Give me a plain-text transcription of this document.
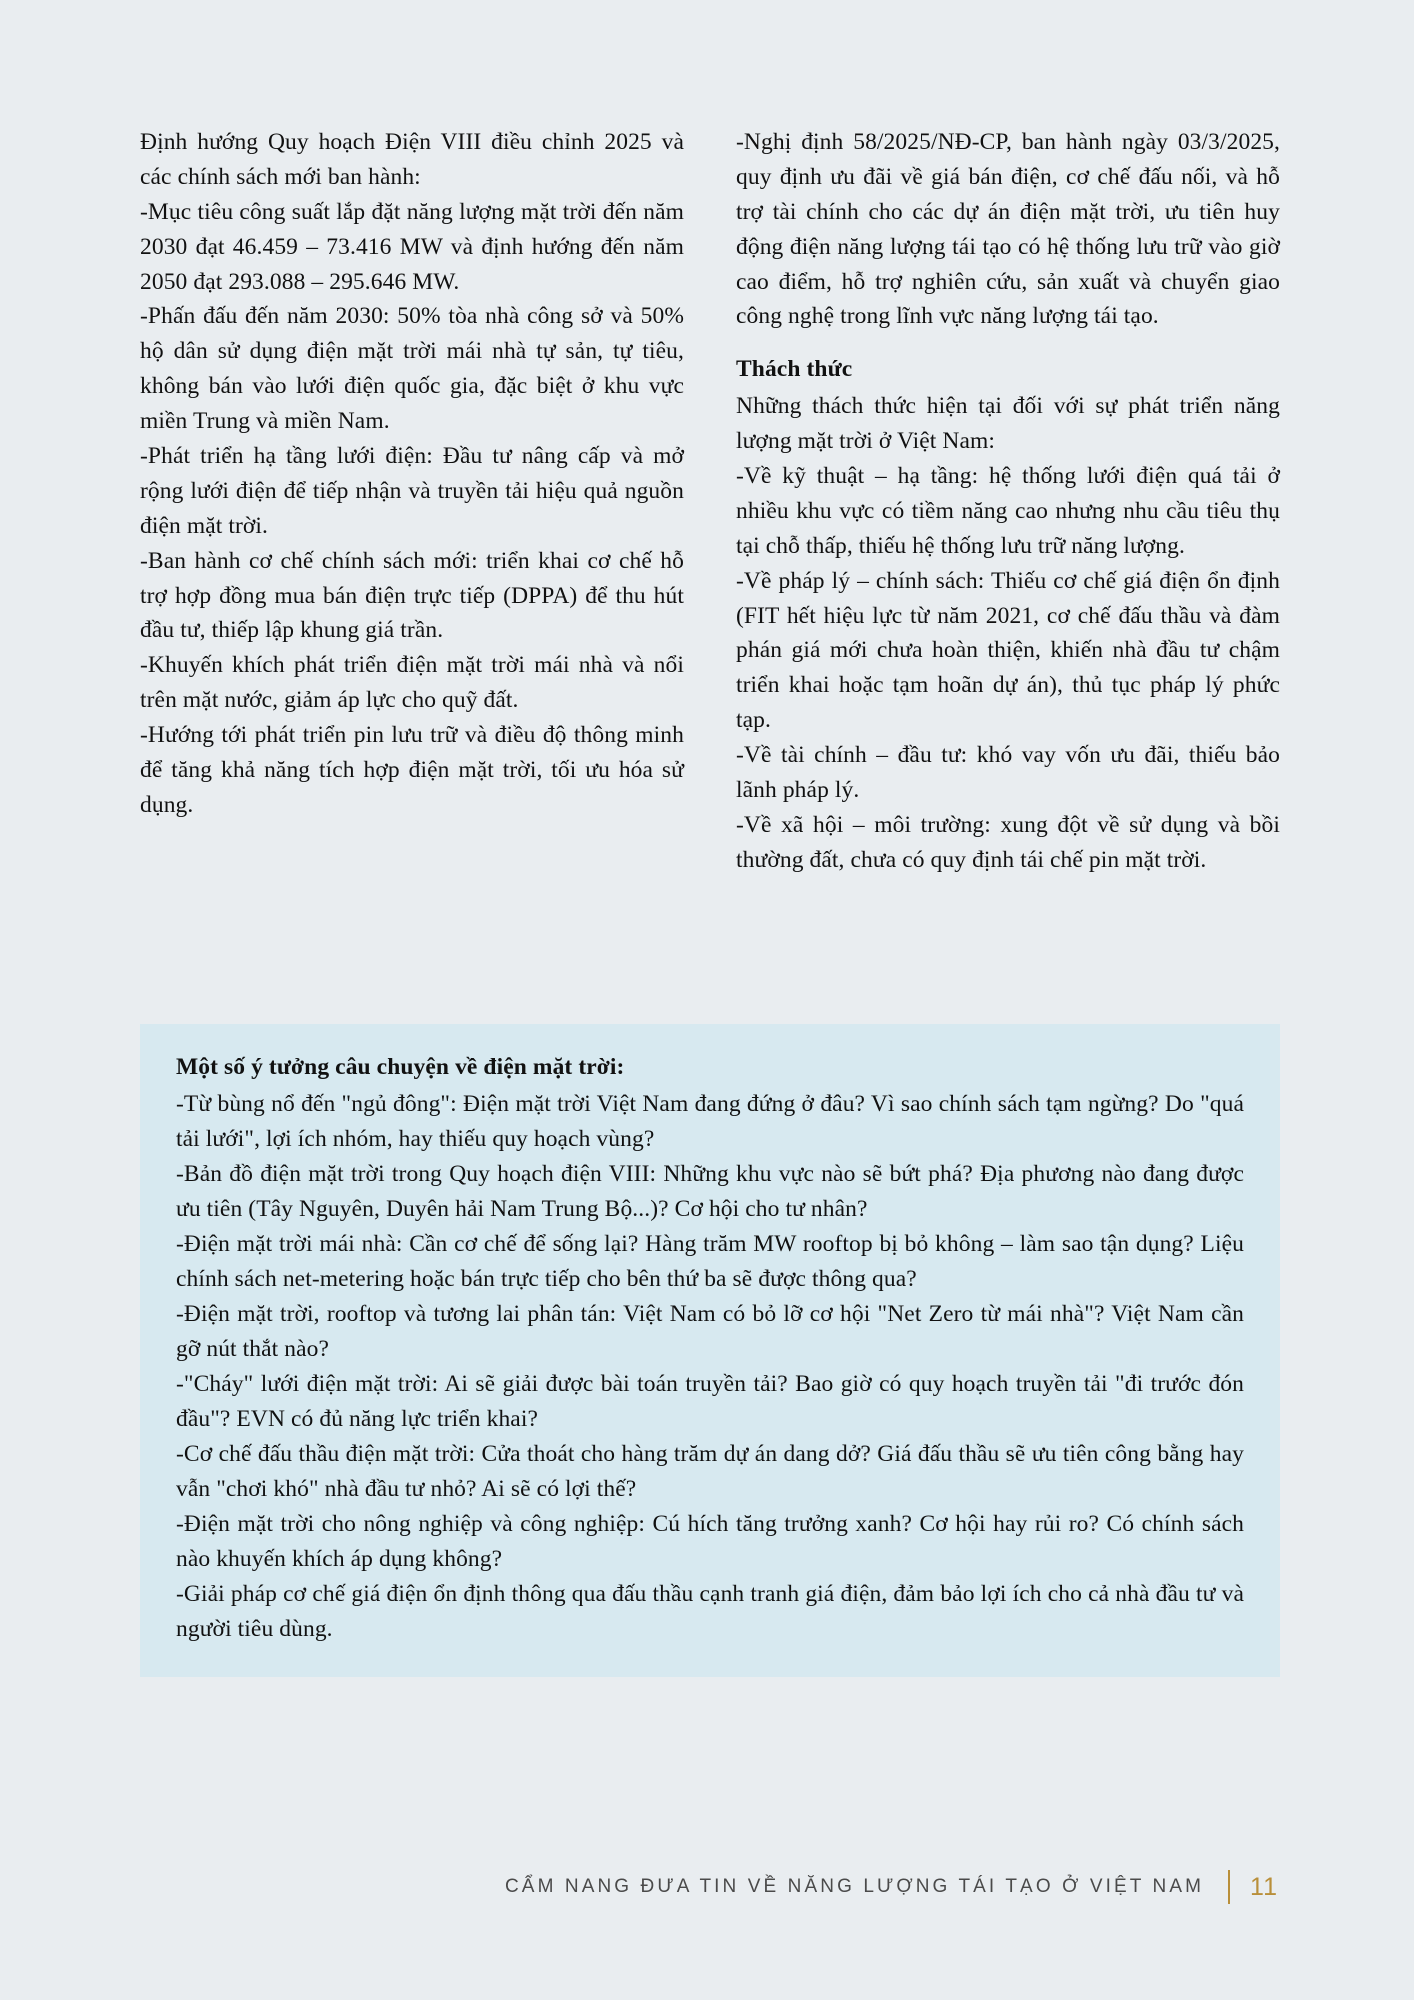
Định hướng Quy hoạch Điện VIII điều chỉnh 2025 và các chính sách mới ban hành:

-Mục tiêu công suất lắp đặt năng lượng mặt trời đến năm 2030 đạt 46.459 – 73.416 MW và định hướng đến năm 2050 đạt 293.088 – 295.646 MW.

-Phấn đấu đến năm 2030: 50% tòa nhà công sở và 50% hộ dân sử dụng điện mặt trời mái nhà tự sản, tự tiêu, không bán vào lưới điện quốc gia, đặc biệt ở khu vực miền Trung và miền Nam.

-Phát triển hạ tầng lưới điện: Đầu tư nâng cấp và mở rộng lưới điện để tiếp nhận và truyền tải hiệu quả nguồn điện mặt trời.

-Ban hành cơ chế chính sách mới: triển khai cơ chế hỗ trợ hợp đồng mua bán điện trực tiếp (DPPA) để thu hút đầu tư, thiếp lập khung giá trần.

-Khuyến khích phát triển điện mặt trời mái nhà và nổi trên mặt nước, giảm áp lực cho quỹ đất.

-Hướng tới phát triển pin lưu trữ và điều độ thông minh để tăng khả năng tích hợp điện mặt trời, tối ưu hóa sử dụng.

-Nghị định 58/2025/NĐ-CP, ban hành ngày 03/3/2025, quy định ưu đãi về giá bán điện, cơ chế đấu nối, và hỗ trợ tài chính cho các dự án điện mặt trời, ưu tiên huy động điện năng lượng tái tạo có hệ thống lưu trữ vào giờ cao điểm, hỗ trợ nghiên cứu, sản xuất và chuyển giao công nghệ trong lĩnh vực năng lượng tái tạo.

Thách thức

Những thách thức hiện tại đối với sự phát triển năng lượng mặt trời ở Việt Nam:

-Về kỹ thuật – hạ tầng: hệ thống lưới điện quá tải ở nhiều khu vực có tiềm năng cao nhưng nhu cầu tiêu thụ tại chỗ thấp, thiếu hệ thống lưu trữ năng lượng.

-Về pháp lý – chính sách: Thiếu cơ chế giá điện ổn định (FIT hết hiệu lực từ năm 2021, cơ chế đấu thầu và đàm phán giá mới chưa hoàn thiện, khiến nhà đầu tư chậm triển khai hoặc tạm hoãn dự án), thủ tục pháp lý phức tạp.

-Về tài chính – đầu tư: khó vay vốn ưu đãi, thiếu bảo lãnh pháp lý.

-Về xã hội – môi trường: xung đột về sử dụng và bồi thường đất, chưa có quy định tái chế pin mặt trời.

Một số ý tưởng câu chuyện về điện mặt trời:

-Từ bùng nổ đến "ngủ đông": Điện mặt trời Việt Nam đang đứng ở đâu? Vì sao chính sách tạm ngừng? Do "quá tải lưới", lợi ích nhóm, hay thiếu quy hoạch vùng?

-Bản đồ điện mặt trời trong Quy hoạch điện VIII: Những khu vực nào sẽ bứt phá? Địa phương nào đang được ưu tiên (Tây Nguyên, Duyên hải Nam Trung Bộ...)? Cơ hội cho tư nhân?

-Điện mặt trời mái nhà: Cần cơ chế để sống lại? Hàng trăm MW rooftop bị bỏ không – làm sao tận dụng? Liệu chính sách net-metering hoặc bán trực tiếp cho bên thứ ba sẽ được thông qua?

-Điện mặt trời, rooftop và tương lai phân tán: Việt Nam có bỏ lỡ cơ hội "Net Zero từ mái nhà"? Việt Nam cần gỡ nút thắt nào?

-"Cháy" lưới điện mặt trời: Ai sẽ giải được bài toán truyền tải? Bao giờ có quy hoạch truyền tải "đi trước đón đầu"? EVN có đủ năng lực triển khai?

-Cơ chế đấu thầu điện mặt trời: Cửa thoát cho hàng trăm dự án dang dở? Giá đấu thầu sẽ ưu tiên công bằng hay vẫn "chơi khó" nhà đầu tư nhỏ? Ai sẽ có lợi thế?

-Điện mặt trời cho nông nghiệp và công nghiệp: Cú hích tăng trưởng xanh? Cơ hội hay rủi ro? Có chính sách nào khuyến khích áp dụng không?

-Giải pháp cơ chế giá điện ổn định thông qua đấu thầu cạnh tranh giá điện, đảm bảo lợi ích cho cả nhà đầu tư và người tiêu dùng.

CẨM NANG ĐƯA TIN VỀ NĂNG LƯỢNG TÁI TẠO Ở VIỆT NAM 11
